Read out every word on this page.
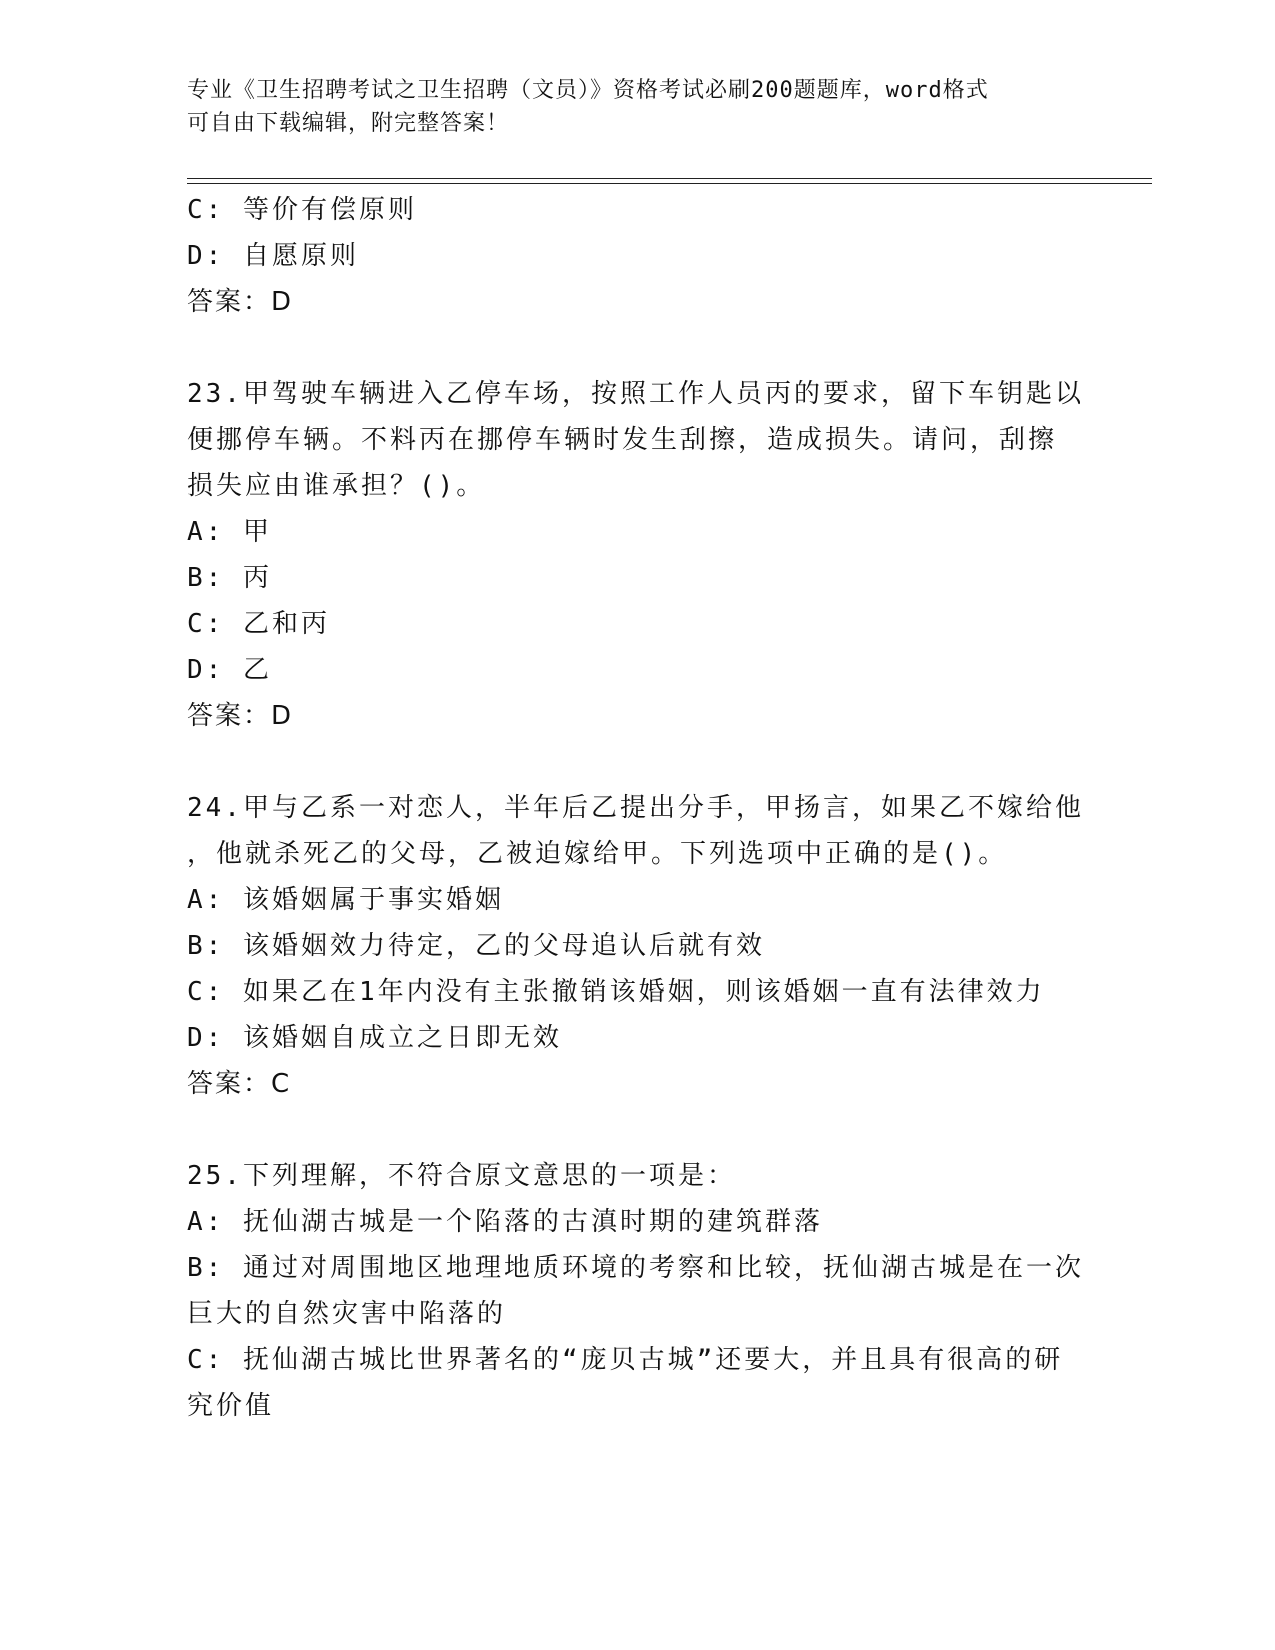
专业《卫生招聘考试之卫生招聘（文员）》资格考试必刷200题题库，word格式
可自由下载编辑，附完整答案！
C: 等价有偿原则
D: 自愿原则
答案：D
23.甲驾驶车辆进入乙停车场，按照工作人员丙的要求，留下车钥匙以
便挪停车辆。不料丙在挪停车辆时发生刮擦，造成损失。请问，刮擦
损失应由谁承担？()。
A: 甲
B: 丙
C: 乙和丙
D: 乙
答案：D
24.甲与乙系一对恋人，半年后乙提出分手，甲扬言，如果乙不嫁给他
，他就杀死乙的父母，乙被迫嫁给甲。下列选项中正确的是()。
A: 该婚姻属于事实婚姻
B: 该婚姻效力待定，乙的父母追认后就有效
C: 如果乙在1年内没有主张撤销该婚姻，则该婚姻一直有法律效力
D: 该婚姻自成立之日即无效
答案：C
25.下列理解，不符合原文意思的一项是：
A: 抚仙湖古城是一个陷落的古滇时期的建筑群落
B: 通过对周围地区地理地质环境的考察和比较，抚仙湖古城是在一次
巨大的自然灾害中陷落的
C: 抚仙湖古城比世界著名的“庞贝古城”还要大，并且具有很高的研
究价值
